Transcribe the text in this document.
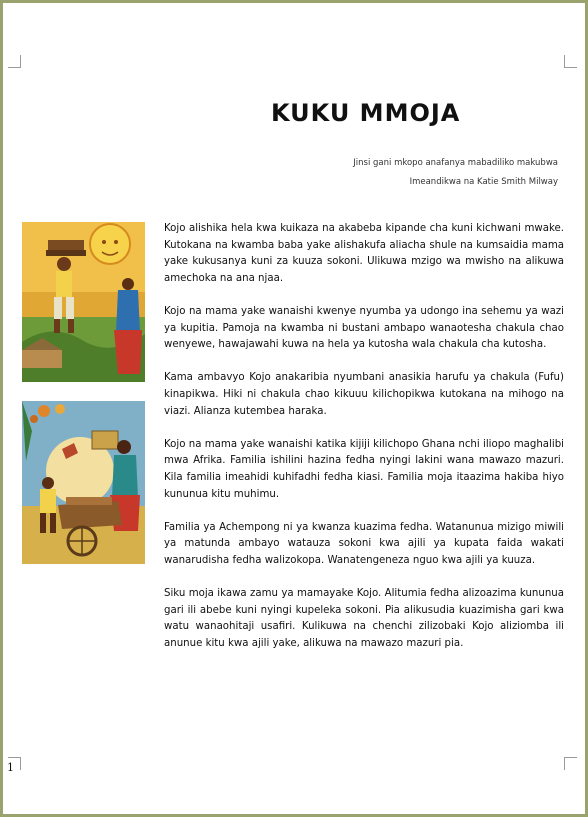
KUKU MMOJA
Jinsi gani mkopo anafanya mabadiliko makubwa
Imeandikwa na Katie Smith Milway

Kojo alishika hela kwa kuikaza na akabeba kipande cha kuni kichwani mwake. Kutokana na kwamba baba yake alishakufa aliacha shule na kumsaidia mama yake kukusanya kuni za kuuza sokoni. Ulikuwa mzigo wa mwisho na alikuwa amechoka na ana njaa.

Kojo na mama yake wanaishi kwenye nyumba ya udongo ina sehemu ya wazi ya kupitia. Pamoja na kwamba ni bustani ambapo wanaotesha chakula chao wenyewe, hawajawahi kuwa na hela ya kutosha wala chakula cha kutosha.

Kama ambavyo Kojo anakaribia nyumbani anasikia harufu ya chakula (Fufu) kinapikwa. Hiki ni chakula chao kikuuu kilichopikwa kutokana na mihogo na viazi. Alianza kutembea haraka.

Kojo na mama yake wanaishi katika kijiji kilichopo Ghana nchi iliopo maghalibi mwa Afrika. Familia ishilini hazina fedha nyingi lakini wana mawazo mazuri. Kila familia imeahidi kuhifadhi fedha kiasi. Familia moja itaazima hakiba hiyo kununua kitu muhimu.

Familia ya Achempong ni ya kwanza kuazima fedha. Watanunua mizigo miwili ya matunda ambayo watauza sokoni kwa ajili ya kupata faida wakati wanarudisha fedha walizokopa. Wanatengeneza nguo kwa ajili ya kuuza.

Siku moja ikawa zamu ya mamayake Kojo. Alitumia fedha alizoazima kununua gari ili abebe kuni nyingi kupeleka sokoni. Pia alikusudia kuazimisha gari kwa watu wanaohitaji usafiri. Kulikuwa na chenchi zilizobaki Kojo aliziomba ili anunue kitu kwa ajili yake, alikuwa na mawazo mazuri pia.

1
